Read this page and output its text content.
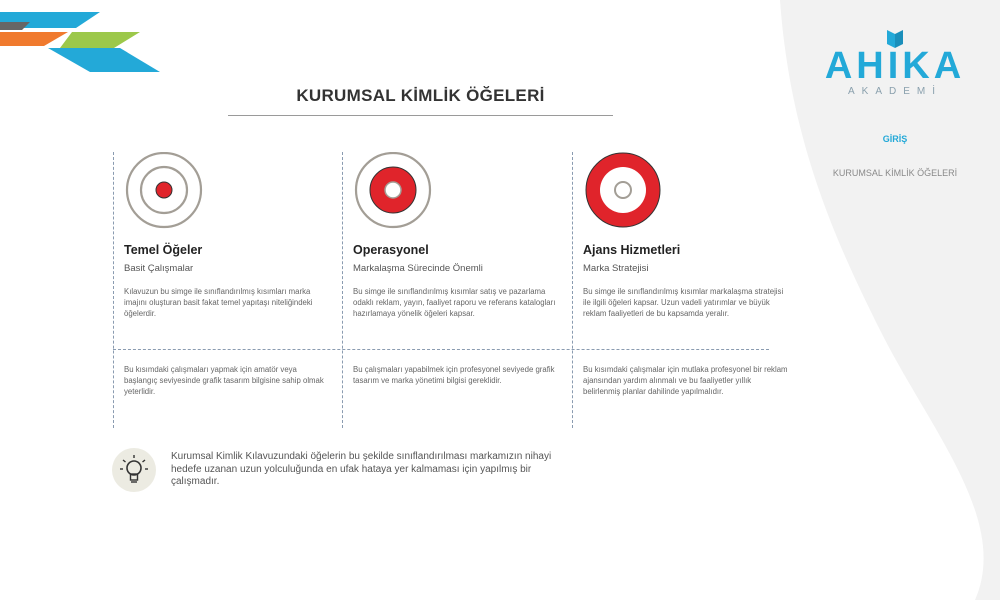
AHIKA
AKADEMİ
GİRİŞ
KURUMSAL KİMLİK ÖĞELERİ
KURUMSAL KİMLİK ÖĞELERİ
Temel Öğeler
Basit Çalışmalar
Kılavuzun bu simge ile sınıflandırılmış kısımları marka imajını oluşturan basit fakat temel yapıtaşı niteliğindeki öğelerdir.
Bu kısımdaki çalışmaları yapmak için amatör veya başlangıç seviyesinde grafik tasarım bilgisine sahip olmak yeterlidir.
Operasyonel
Markalaşma Sürecinde Önemli
Bu simge ile sınıflandırılmış kısımlar satış ve pazarlama odaklı reklam, yayın, faaliyet raporu ve referans katalogları hazırlamaya yönelik öğeleri kapsar.
Bu çalışmaları yapabilmek için profesyonel seviyede grafik tasarım ve marka yönetimi bilgisi gereklidir.
Ajans Hizmetleri
Marka Stratejisi
Bu simge ile sınıflandırılmış kısımlar markalaşma stratejisi ile ilgili öğeleri kapsar. Uzun vadeli yatırımlar ve büyük reklam faaliyetleri de bu kapsamda yeralır.
Bu kısımdaki çalışmalar için mutlaka profesyonel bir reklam ajansından yardım alınmalı ve bu faaliyetler yıllık belirlenmiş planlar dahilinde yapılmalıdır.
Kurumsal Kimlik Kılavuzundaki öğelerin bu şekilde sınıflandırılması markamızın nihayi hedefe uzanan uzun yolculuğunda en ufak hataya yer kalmaması için yapılmış bir çalışmadır.
